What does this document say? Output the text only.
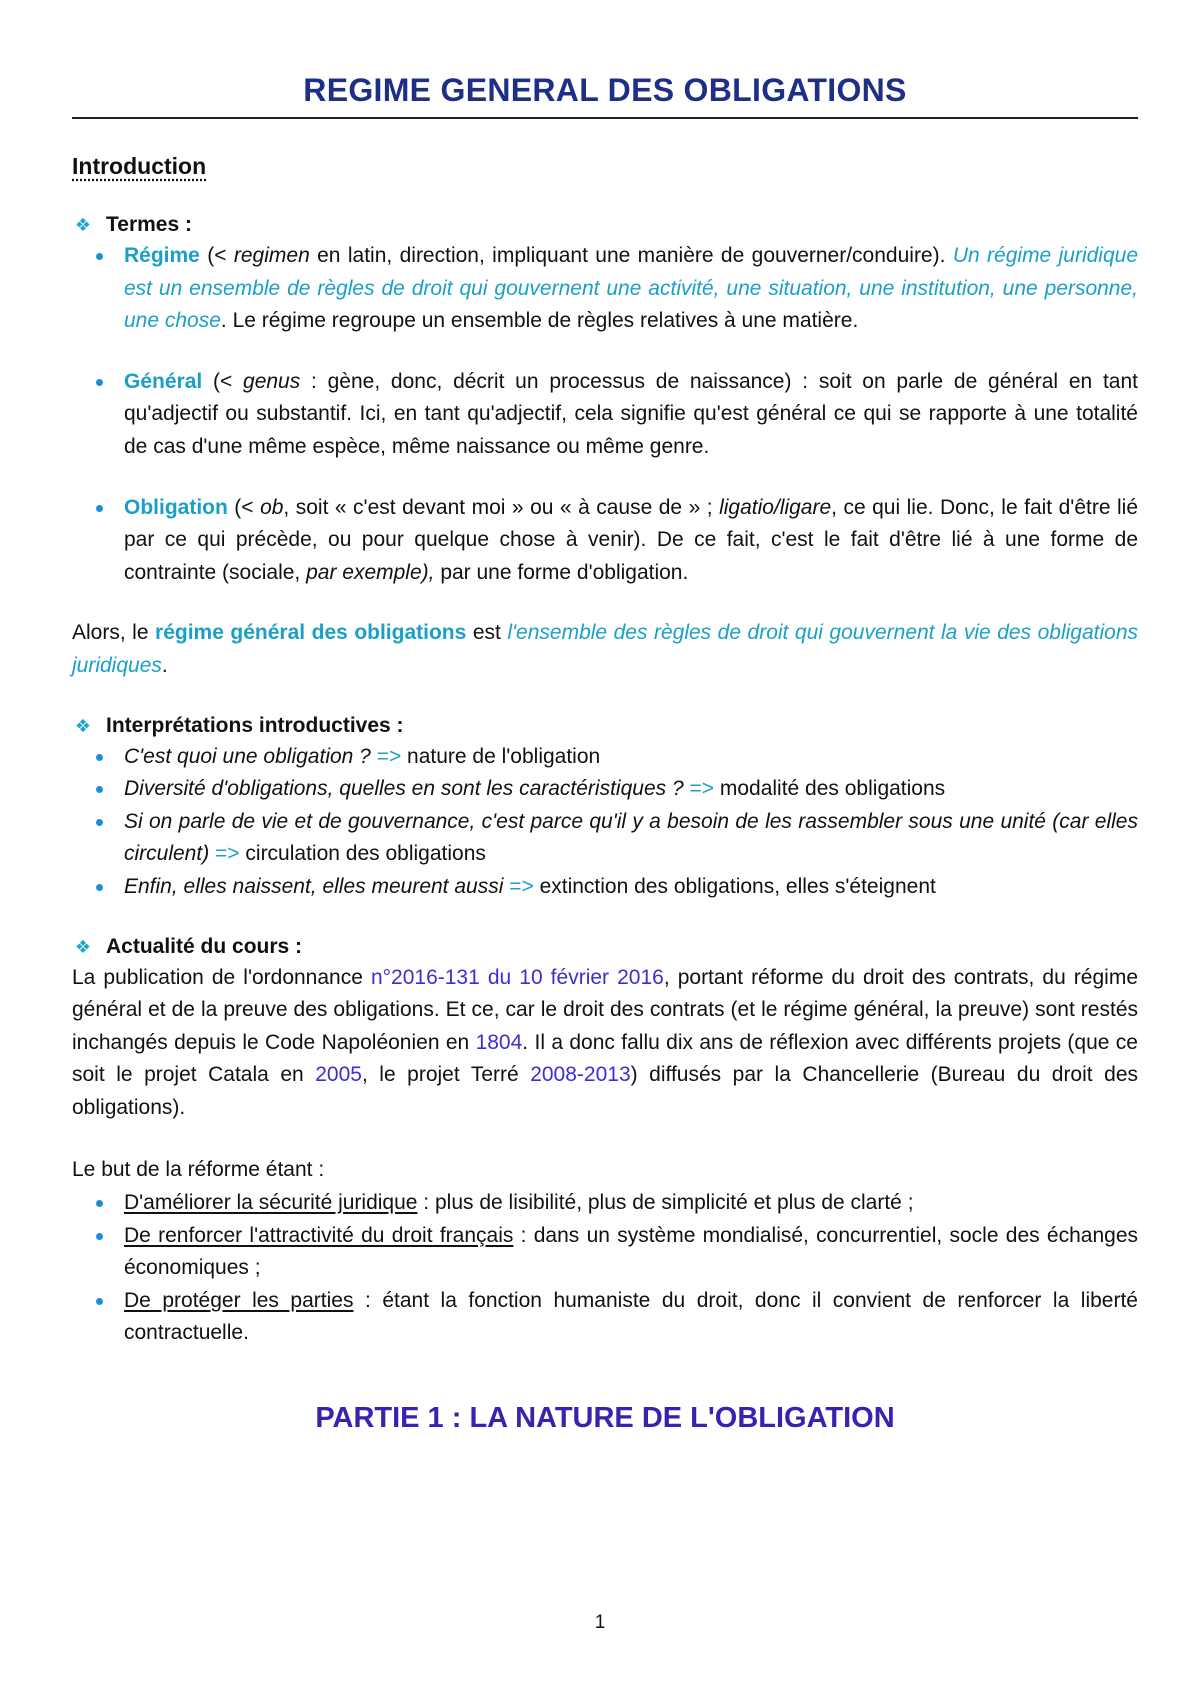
REGIME GENERAL DES OBLIGATIONS
Introduction
❖ Termes :
Régime (< regimen en latin, direction, impliquant une manière de gouverner/conduire). Un régime juridique est un ensemble de règles de droit qui gouvernent une activité, une situation, une institution, une personne, une chose. Le régime regroupe un ensemble de règles relatives à une matière.
Général (< genus : gène, donc, décrit un processus de naissance) : soit on parle de général en tant qu'adjectif ou substantif. Ici, en tant qu'adjectif, cela signifie qu'est général ce qui se rapporte à une totalité de cas d'une même espèce, même naissance ou même genre.
Obligation (< ob, soit « c'est devant moi » ou « à cause de » ; ligatio/ligare, ce qui lie. Donc, le fait d'être lié par ce qui précède, ou pour quelque chose à venir). De ce fait, c'est le fait d'être lié à une forme de contrainte (sociale, par exemple), par une forme d'obligation.

Alors, le régime général des obligations est l'ensemble des règles de droit qui gouvernent la vie des obligations juridiques.

❖ Interprétations introductives :
C'est quoi une obligation ? => nature de l'obligation
Diversité d'obligations, quelles en sont les caractéristiques ? => modalité des obligations
Si on parle de vie et de gouvernance, c'est parce qu'il y a besoin de les rassembler sous une unité (car elles circulent) => circulation des obligations
Enfin, elles naissent, elles meurent aussi => extinction des obligations, elles s'éteignent
❖ Actualité du cours :

La publication de l'ordonnance n°2016-131 du 10 février 2016, portant réforme du droit des contrats, du régime général et de la preuve des obligations. Et ce, car le droit des contrats (et le régime général, la preuve) sont restés inchangés depuis le Code Napoléonien en 1804. Il a donc fallu dix ans de réflexion avec différents projets (que ce soit le projet Catala en 2005, le projet Terré 2008-2013) diffusés par la Chancellerie (Bureau du droit des obligations).

Le but de la réforme étant :

D'améliorer la sécurité juridique : plus de lisibilité, plus de simplicité et plus de clarté ;
De renforcer l'attractivité du droit français : dans un système mondialisé, concurrentiel, socle des échanges économiques ;
De protéger les parties : étant la fonction humaniste du droit, donc il convient de renforcer la liberté contractuelle.
PARTIE 1 : LA NATURE DE L'OBLIGATION
1
